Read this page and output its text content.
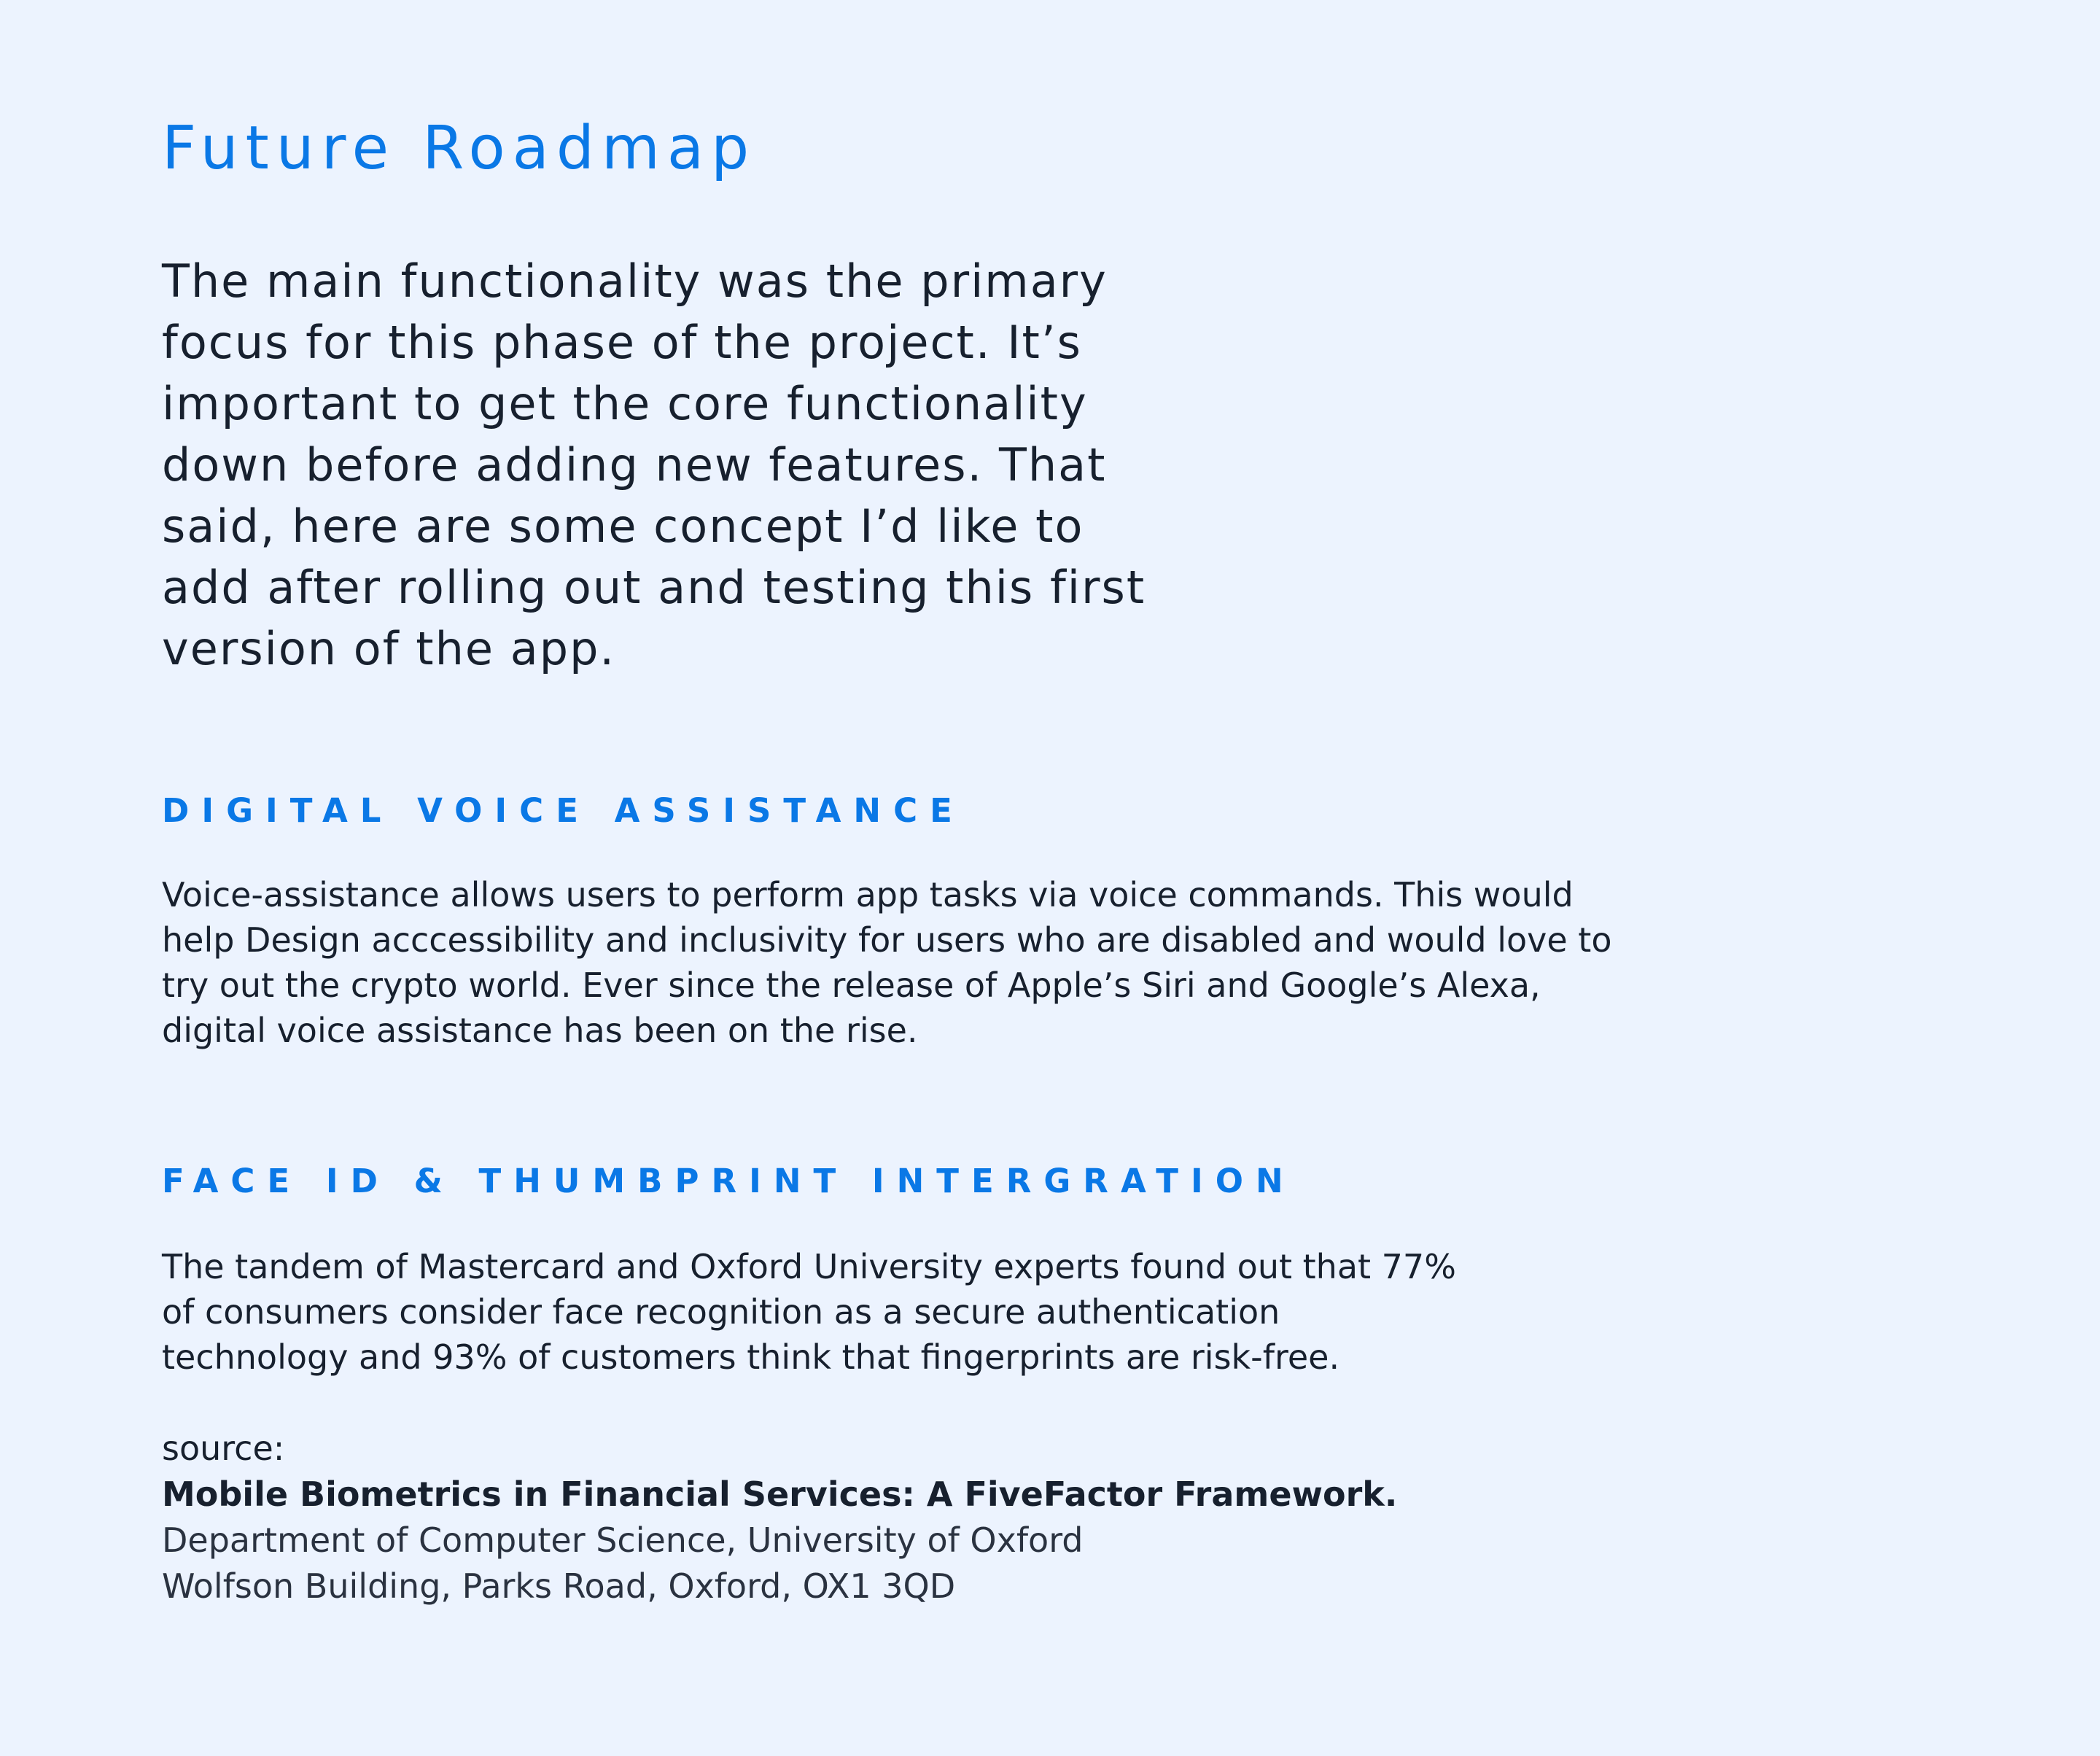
Future Roadmap

The main functionality was the primary
focus for this phase of the project. It’s
important to get the core functionality
down before adding new features. That
said, here are some concept I’d like to
add after rolling out and testing this first
version of the app.

DIGITAL VOICE ASSISTANCE

Voice-assistance allows users to perform app tasks via voice commands. This would
help Design acccessibility and inclusivity for users who are disabled and would love to
try out the crypto world. Ever since the release of Apple’s Siri and Google’s Alexa,
digital voice assistance has been on the rise.

FACE ID & THUMBPRINT INTERGRATION

The tandem of Mastercard and Oxford University experts found out that 77%
of consumers consider face recognition as a secure authentication
technology and 93% of customers think that fingerprints are risk-free.

source:
Mobile Biometrics in Financial Services: A FiveFactor Framework.
Department of Computer Science, University of Oxford
Wolfson Building, Parks Road, Oxford, OX1 3QD
